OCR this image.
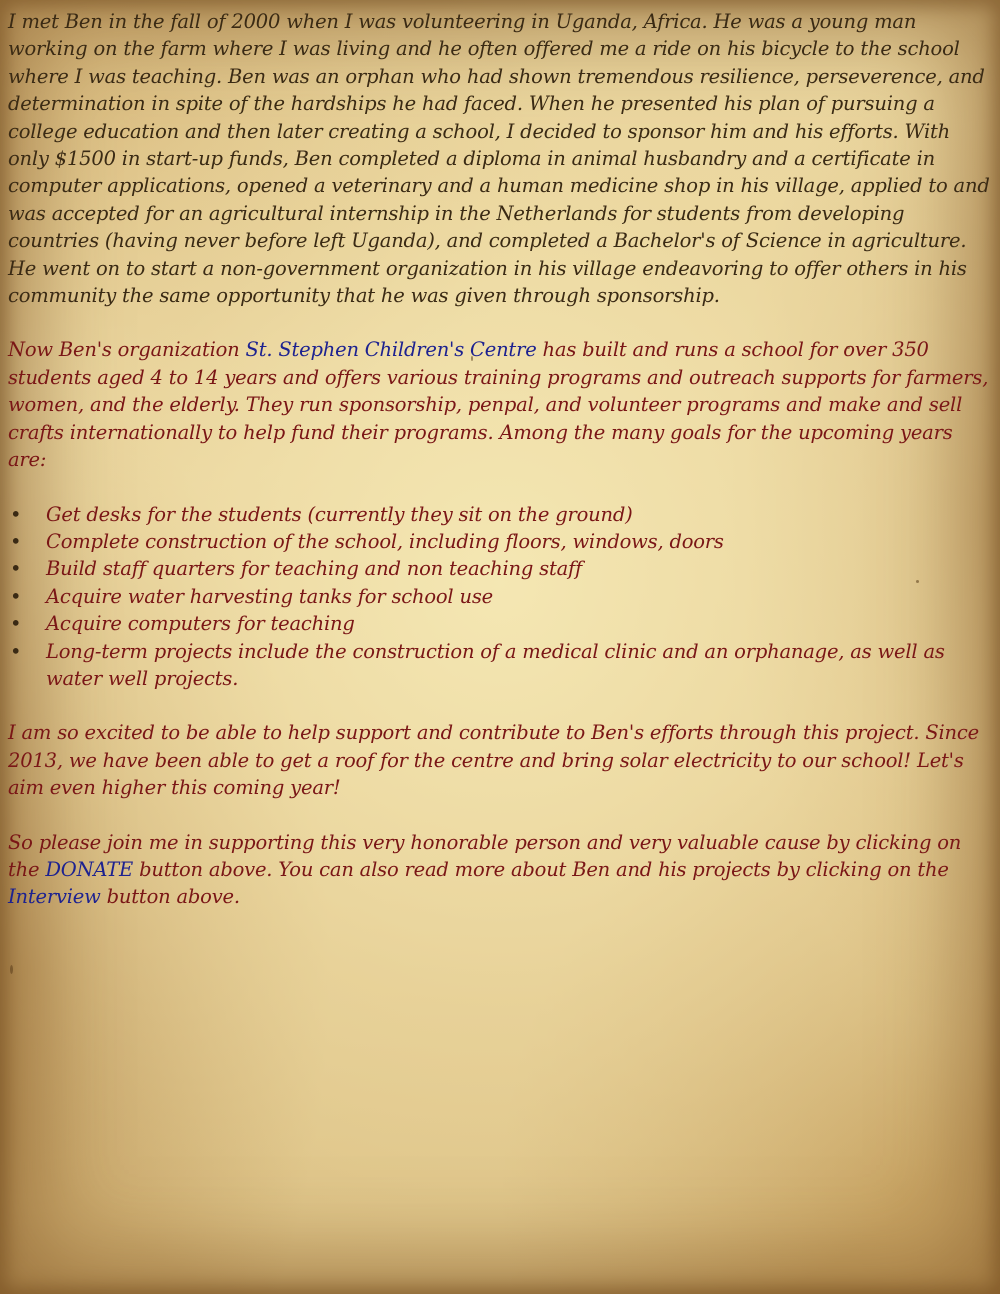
I met Ben in the fall of 2000 when I was volunteering in Uganda, Africa. He was a young man working on the farm where I was living and he often offered me a ride on his bicycle to the school where I was teaching. Ben was an orphan who had shown tremendous resilience, perseverence, and determination in spite of the hardships he had faced. When he presented his plan of pursuing a college education and then later creating a school, I decided to sponsor him and his efforts. With only $1500 in start-up funds, Ben completed a diploma in animal husbandry and a certificate in computer applications, opened a veterinary and a human medicine shop in his village, applied to and was accepted for an agricultural internship in the Netherlands for students from developing countries (having never before left Uganda), and completed a Bachelor's of Science in agriculture. He went on to start a non-government organization in his village endeavoring to offer others in his community the same opportunity that he was given through sponsorship.

Now Ben's organization St. Stephen Children's Centre has built and runs a school for over 350 students aged 4 to 14 years and offers various training programs and outreach supports for farmers, women, and the elderly. They run sponsorship, penpal, and volunteer programs and make and sell crafts internationally to help fund their programs. Among the many goals for the upcoming years are:

• Get desks for the students (currently they sit on the ground)
• Complete construction of the school, including floors, windows, doors
• Build staff quarters for teaching and non teaching staff
• Acquire water harvesting tanks for school use
• Acquire computers for teaching
• Long-term projects include the construction of a medical clinic and an orphanage, as well as water well projects.

I am so excited to be able to help support and contribute to Ben's efforts through this project. Since 2013, we have been able to get a roof for the centre and bring solar electricity to our school! Let's aim even higher this coming year!

So please join me in supporting this very honorable person and very valuable cause by clicking on the DONATE button above. You can also read more about Ben and his projects by clicking on the Interview button above.
